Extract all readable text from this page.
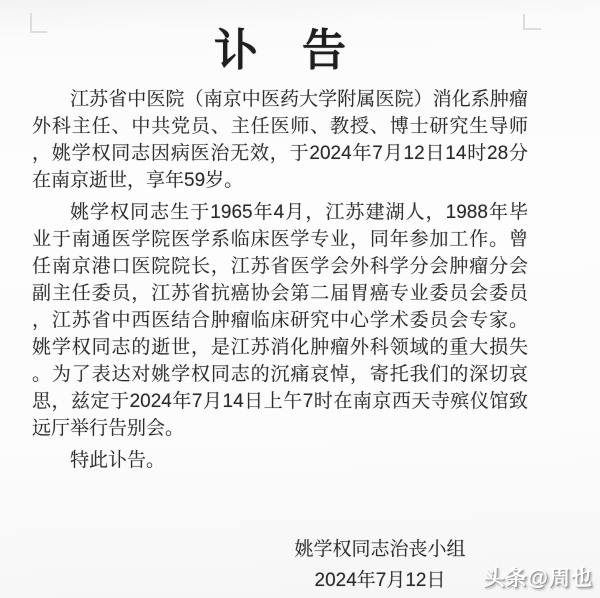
讣　告
江苏省中医院（南京中医药大学附属医院）消化系肿瘤
外科主任、中共党员、主任医师、教授、博士研究生导师
，姚学权同志因病医治无效，于2024年7月12日14时28分
在南京逝世，享年59岁。
姚学权同志生于1965年4月，江苏建湖人，1988年毕
业于南通医学院医学系临床医学专业，同年参加工作。曾
任南京港口医院院长，江苏省医学会外科学分会肿瘤分会
副主任委员，江苏省抗癌协会第二届胃癌专业委员会委员
，江苏省中西医结合肿瘤临床研究中心学术委员会专家。
姚学权同志的逝世，是江苏消化肿瘤外科领域的重大损失
。为了表达对姚学权同志的沉痛哀悼，寄托我们的深切哀
思，兹定于2024年7月14日上午7时在南京西天寺殡仪馆致
远厅举行告别会。
特此讣告。
姚学权同志治丧小组
2024年7月12日	头条@周也
